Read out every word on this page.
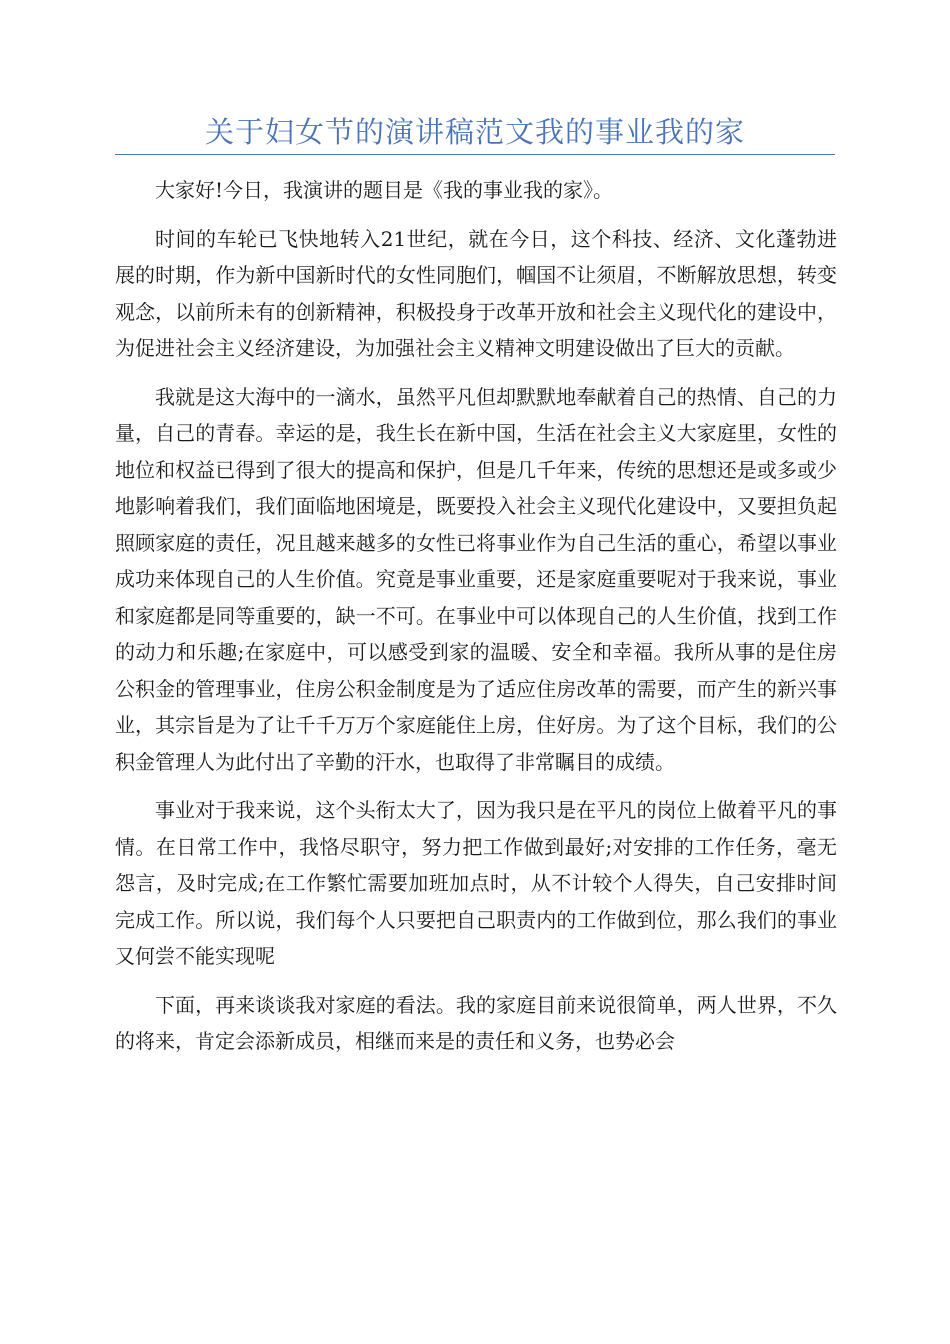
关于妇女节的演讲稿范文我的事业我的家

大家好!今日，我演讲的题目是《我的事业我的家》。

时间的车轮已飞快地转入21世纪，就在今日，这个科技、经济、文化蓬勃进展的时期，作为新中国新时代的女性同胞们，帼国不让须眉，不断解放思想，转变观念，以前所未有的创新精神，积极投身于改革开放和社会主义现代化的建设中，为促进社会主义经济建设，为加强社会主义精神文明建设做出了巨大的贡献。

我就是这大海中的一滴水，虽然平凡但却默默地奉献着自己的热情、自己的力量，自己的青春。幸运的是，我生长在新中国，生活在社会主义大家庭里，女性的地位和权益已得到了很大的提高和保护，但是几千年来，传统的思想还是或多或少地影响着我们，我们面临地困境是，既要投入社会主义现代化建设中，又要担负起照顾家庭的责任，况且越来越多的女性已将事业作为自己生活的重心，希望以事业成功来体现自己的人生价值。究竟是事业重要，还是家庭重要呢对于我来说，事业和家庭都是同等重要的，缺一不可。在事业中可以体现自己的人生价值，找到工作的动力和乐趣;在家庭中，可以感受到家的温暖、安全和幸福。我所从事的是住房公积金的管理事业，住房公积金制度是为了适应住房改革的需要，而产生的新兴事业，其宗旨是为了让千千万万个家庭能住上房，住好房。为了这个目标，我们的公积金管理人为此付出了辛勤的汗水，也取得了非常瞩目的成绩。

事业对于我来说，这个头衔太大了，因为我只是在平凡的岗位上做着平凡的事情。在日常工作中，我恪尽职守，努力把工作做到最好;对安排的工作任务，毫无怨言，及时完成;在工作繁忙需要加班加点时，从不计较个人得失，自己安排时间完成工作。所以说，我们每个人只要把自己职责内的工作做到位，那么我们的事业又何尝不能实现呢

下面，再来谈谈我对家庭的看法。我的家庭目前来说很简单，两人世界，不久的将来，肯定会添新成员，相继而来是的责任和义务，也势必会
